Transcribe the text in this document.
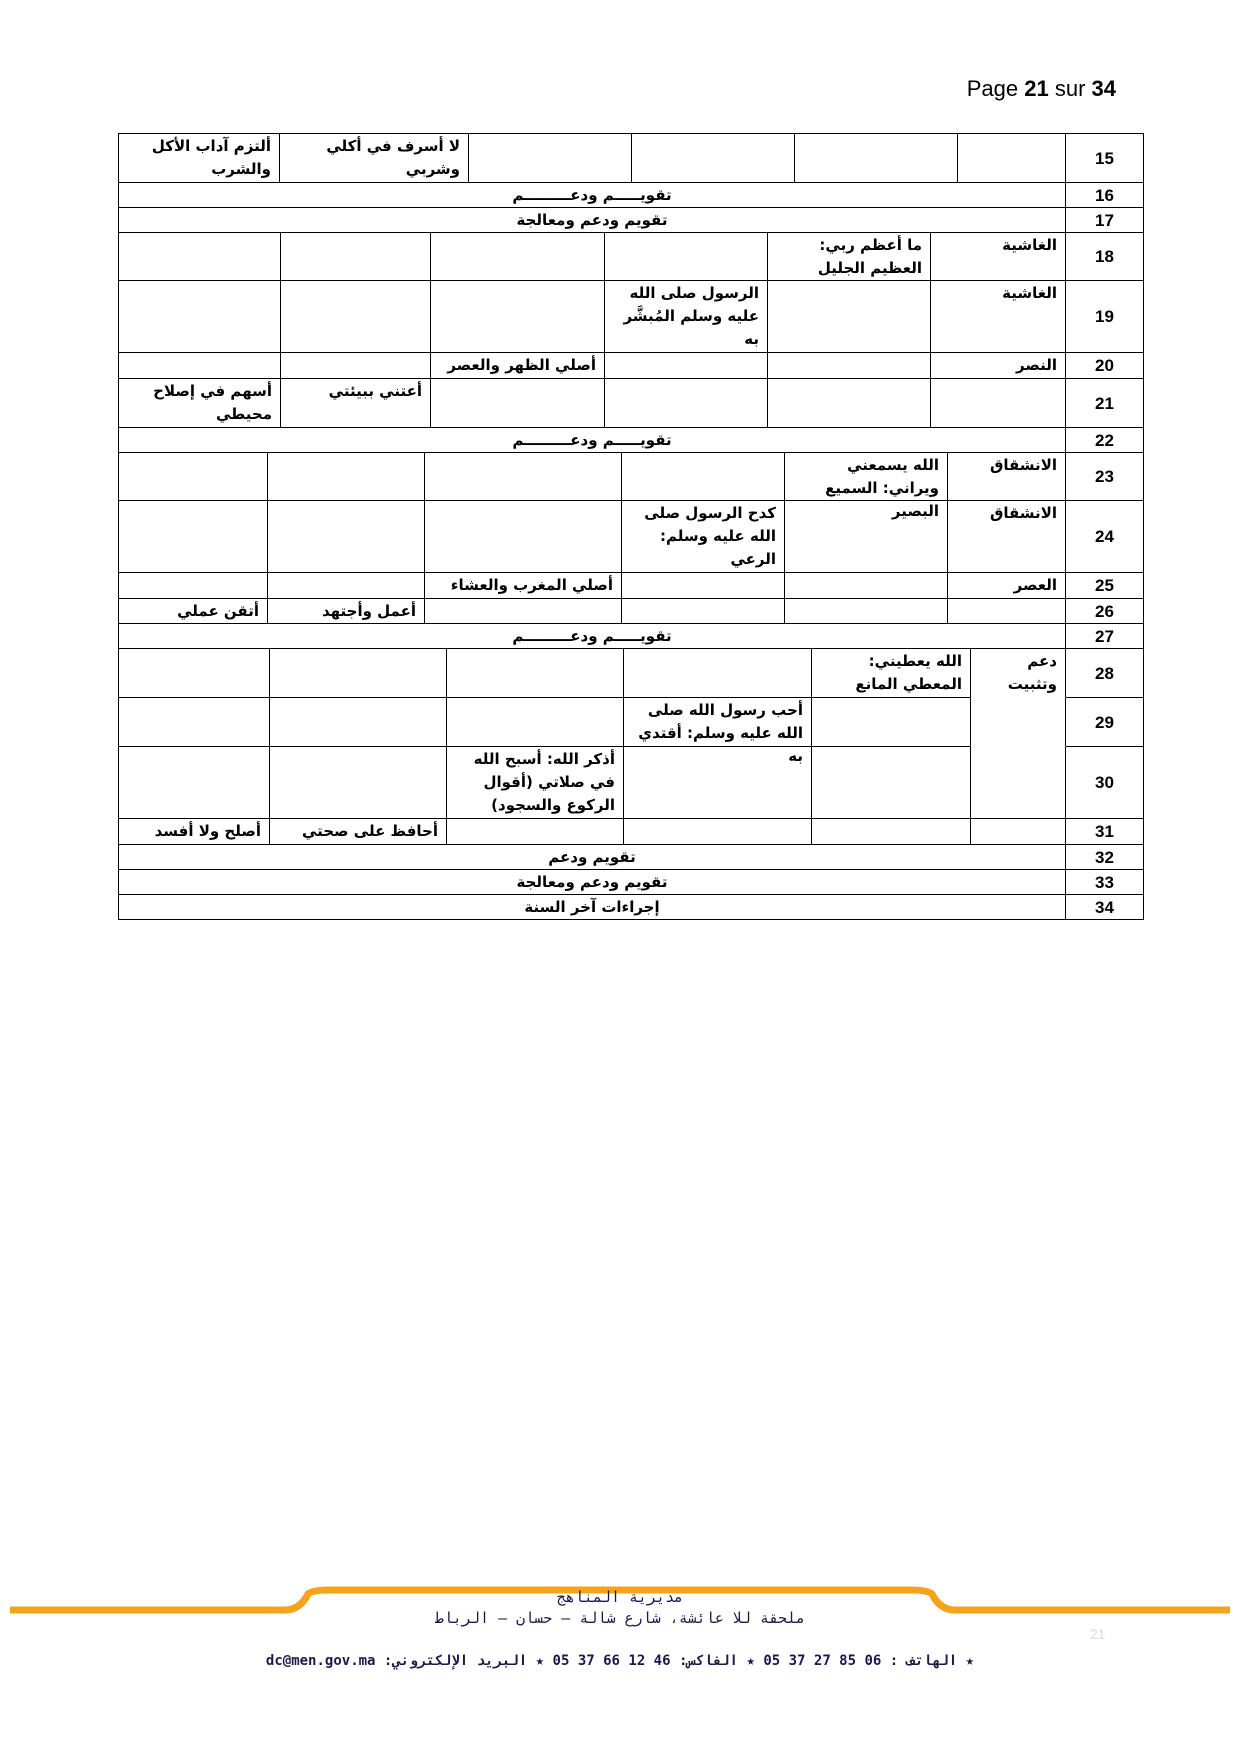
Page 21 sur 34
15
لا أسرف في أكلي وشربي
ألتزم آداب الأكل والشرب
16
تقويـــــم ودعـــــــــم
17
تقويم ودعم ومعالجة
18
الغاشية
ما أعظم ربي: العظيم الجليل
19
الغاشية
الرسول صلى الله عليه وسلم المُبشَّر به
20
النصر
أصلي الظهر والعصر
21
أعتني ببيئتي
أسهم في إصلاح محيطي
22
تقويـــــم ودعـــــــــم
23
الانشقاق
الله يسمعني ويراني: السميع البصير
24
الانشقاق
كدح الرسول صلى الله عليه وسلم: الرعي
25
العصر
أصلي المغرب والعشاء
26
أعمل وأجتهد
أتقن عملي
27
تقويـــــم ودعـــــــــم
28
دعم وتثبيت
الله يعطيني: المعطي المانع
29
أحب رسول الله صلى الله عليه وسلم: أقتدي به
30
أذكر الله: أسبح الله في صلاتي (أقوال الركوع والسجود)
31
أحافظ على صحتي
أصلح ولا أفسد
32
تقويم ودعم
33
تقويم ودعم ومعالجة
34
إجراءات آخر السنة
مديرية المناهج
ملحقة للا عائشة، شارع شالة – حسان – الرباط
21
★ الهاتف : 05 37 27 85 06 ★ الفاكس: 05 37 66 12 46 ★ البريد الإلكتروني: dc@men.gov.ma
